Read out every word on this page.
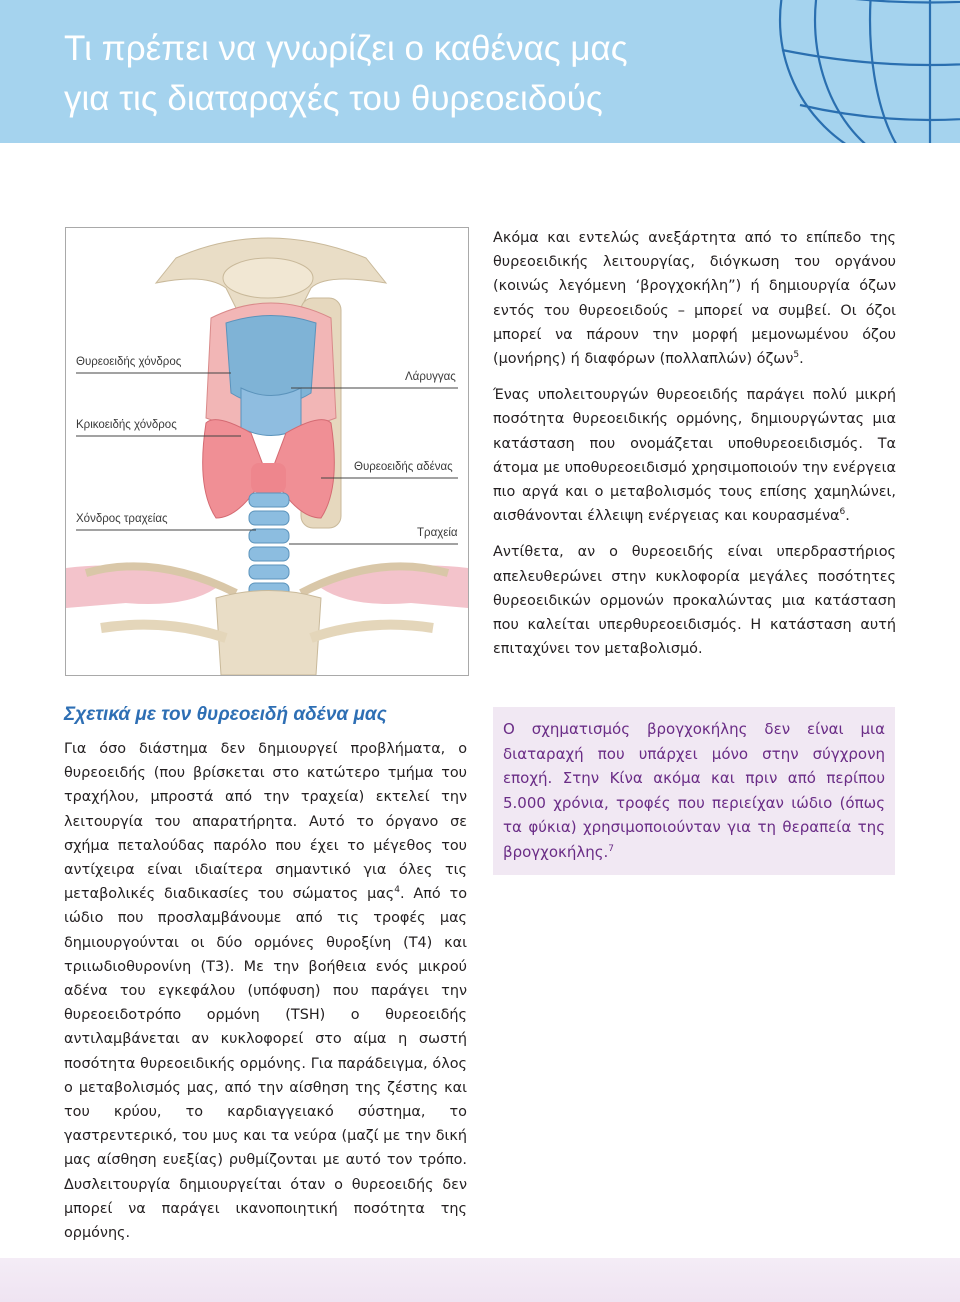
Τι πρέπει να γνωρίζει ο καθένας μας
για τις διαταραχές του θυρεοειδούς
Θυρεοειδής χόνδρος
Κρικοειδής χόνδρος
Χόνδρος τραχείας
Λάρυγγας
Θυρεοειδής αδένας
Τραχεία

Ακόμα και εντελώς ανεξάρτητα από το επίπεδο της θυρεοειδικής λειτουργίας, διόγκωση του οργάνου (κοινώς λεγόμενη ‘βρογχοκήλη”) ή δημιουργία όζων εντός του θυρεοειδούς – μπορεί να συμβεί. Οι όζοι μπορεί να πάρουν την μορφή μεμονωμένου όζου (μονήρης) ή διαφόρων (πολλαπλών) όζων$^5$.

Ένας υπολειτουργών θυρεοειδής παράγει πολύ μικρή ποσότητα θυρεοειδικής ορμόνης, δημιουργώντας μια κατάσταση που ονομάζεται υποθυρεοειδισμός. Τα άτομα με υποθυρεοειδισμό χρησιμοποιούν την ενέργεια πιο αργά και ο μεταβολισμός τους επίσης χαμηλώνει, αισθάνονται έλλειψη ενέργειας και κουρασμένα$^6$.

Αντίθετα, αν ο θυρεοειδής είναι υπερδραστήριος απελευθερώνει στην κυκλοφορία μεγάλες ποσότητες θυρεοειδικών ορμονών προκαλώντας μια κατάσταση που καλείται υπερθυρεοειδισμός. Η κατάσταση αυτή επιταχύνει τον μεταβολισμό.

Ο σχηματισμός βρογχοκήλης δεν είναι μια διαταραχή που υπάρχει μόνο στην σύγχρονη εποχή. Στην Κίνα ακόμα και πριν από περίπου 5.000 χρόνια, τροφές που περιείχαν ιώδιο (όπως τα φύκια) χρησιμοποιούνταν για τη θεραπεία της βρογχοκήλης.$^7$

Σχετικά με τον θυρεοειδή αδένα μας

Για όσο διάστημα δεν δημιουργεί προβλήματα, ο θυρεοειδής (που βρίσκεται στο κατώτερο τμήμα του τραχήλου, μπροστά από την τραχεία) εκτελεί την λειτουργία του απαρατήρητα. Αυτό το όργανο σε σχήμα πεταλούδας παρόλο που έχει το μέγεθος του αντίχειρα είναι ιδιαίτερα σημαντικό για όλες τις μεταβολικές διαδικασίες του σώματος μας$^4$. Από το ιώδιο που προσλαμβάνουμε από τις τροφές μας δημιουργούνται οι δύο ορμόνες θυροξίνη (Τ4) και τριιωδιοθυρονίνη (Τ3). Με την βοήθεια ενός μικρού αδένα του εγκεφάλου (υπόφυση) που παράγει την θυρεοειδοτρόπο ορμόνη (TSH) ο θυρεοειδής αντιλαμβάνεται αν κυκλοφορεί στο αίμα η σωστή ποσότητα θυρεοειδικής ορμόνης. Για παράδειγμα, όλος ο μεταβολισμός μας, από την αίσθηση της ζέστης και του κρύου, το καρδιαγγειακό σύστημα, το γαστρεντερικό, του μυς και τα νεύρα (μαζί με την δική μας αίσθηση ευεξίας) ρυθμίζονται με αυτό τον τρόπο. Δυσλειτουργία δημιουργείται όταν ο θυρεοειδής δεν μπορεί να παράγει ικανοποιητική ποσότητα της ορμόνης.
